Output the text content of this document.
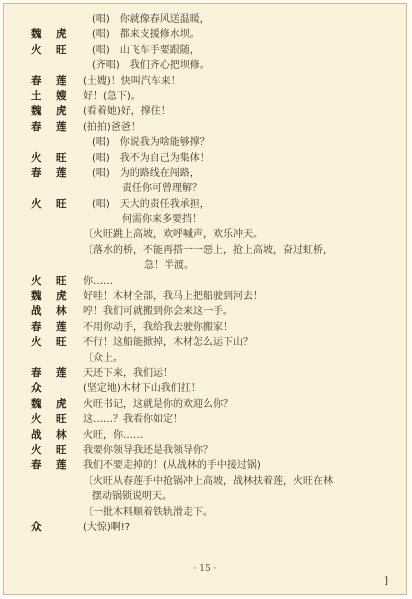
(唱)　你就像春风送温暖，
魏　虎 (唱)　都来支援修水坝。
火　旺 (唱)　山飞车手要跟随，
(齐唱)　我们齐心把坝修。
春　莲 (土嫂)！快叫汽车来！
土　嫂 好！(急下)。
魏　虎 (看着她)好，撑住！
春　莲 (拍拍)爸爸！
(唱)　你说我为啥能够撑？
火　旺 (唱)　我不为自己为集体！
春　莲 (唱)　为的路线在闯路，
责任你可曾理解？
火　旺 (唱)　天大的责任我承担，
何需你来多要挡！
〔火旺跳上高坡，欢呼喊声，欢乐冲天。
〔落水的桥，不能再搭一一惡上，抢上高坡，奋过虹桥，
急！半渡。
火　旺 你……
魏　虎 好哇！木材全部，我马上把船驶到河去！
战　林 哼！我们可就搬到你会来这一手。
春　莲 不用你动手，我给我去驶你搬家！
火　旺 不行！这船能掀掉，木材怎么运下山？
〔众上。
春　莲 天还下来，我们运！
众	(坚定地)木材下山我们扛！
魏　虎 火旺书记，这就是你的欢迎么你？
火　旺 这……？我看你如定！
战　林 火旺，你……
火　旺 我要你领导我还是我领导你？
春　莲 我们不要走掉的！(从战林的手中接过锅)
〔火旺从春莲手中抢锅冲上高坡，战林扶着莲，火旺在林
摆动锅锁说明天。
〔一批木料顺着铁轨滑走下。
众	(大惊)啊!?
· 15 ·
]
